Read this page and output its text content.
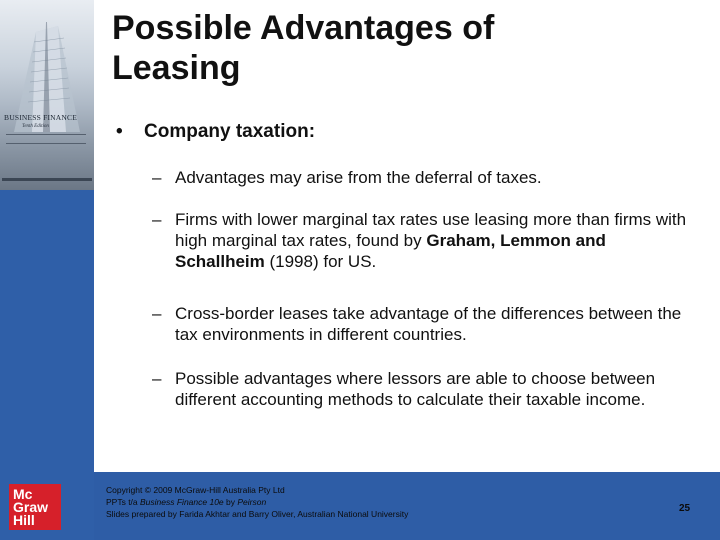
BUSINESS FINANCE
Tenth Edition
Mc
Graw
Hill
Copyright © 2009 McGraw-Hill Australia Pty Ltd
PPTs t/a Business Finance 10e by Peirson
Slides prepared by Farida Akhtar and Barry Oliver, Australian National University	25
Possible Advantages of
Leasing
• Company taxation:
– Advantages may arise from the deferral of taxes.
– Firms with lower marginal tax rates use leasing more than firms with high marginal tax rates, found by Graham, Lemmon and Schallheim (1998) for US.
– Cross-border leases take advantage of the differences between the tax environments in different countries.
– Possible advantages where lessors are able to choose between different accounting methods to calculate their taxable income.
